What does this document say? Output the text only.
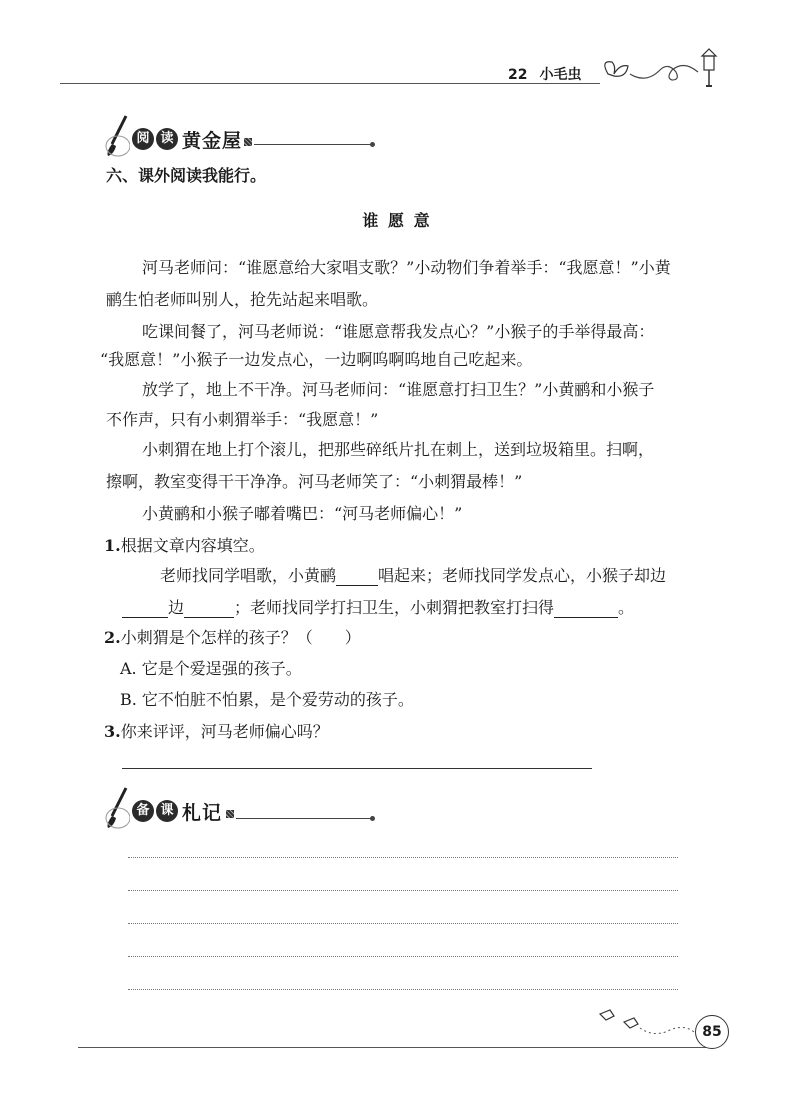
22 小毛虫
阅 读 黄金屋
六、课外阅读我能行。
谁 愿 意
河马老师问：“谁愿意给大家唱支歌？”小动物们争着举手：“我愿意！”小黄
鹂生怕老师叫别人，抢先站起来唱歌。
吃课间餐了，河马老师说：“谁愿意帮我发点心？”小猴子的手举得最高：
“我愿意！”小猴子一边发点心，一边啊呜啊呜地自己吃起来。
放学了，地上不干净。河马老师问：“谁愿意打扫卫生？”小黄鹂和小猴子
不作声，只有小刺猬举手：“我愿意！”
小刺猬在地上打个滚儿，把那些碎纸片扎在刺上，送到垃圾箱里。扫啊，
擦啊，教室变得干干净净。河马老师笑了：“小刺猬最棒！”
小黄鹂和小猴子嘟着嘴巴：“河马老师偏心！”
1.根据文章内容填空。
老师找同学唱歌，小黄鹂	唱起来；老师找同学发点心，小猴子却边
边	；老师找同学打扫卫生，小刺猬把教室打扫得	。
2.小刺猬是个怎样的孩子？（　　）
A. 它是个爱逞强的孩子。
B. 它不怕脏不怕累，是个爱劳动的孩子。
3.你来评评，河马老师偏心吗？
备 课 札记
85
